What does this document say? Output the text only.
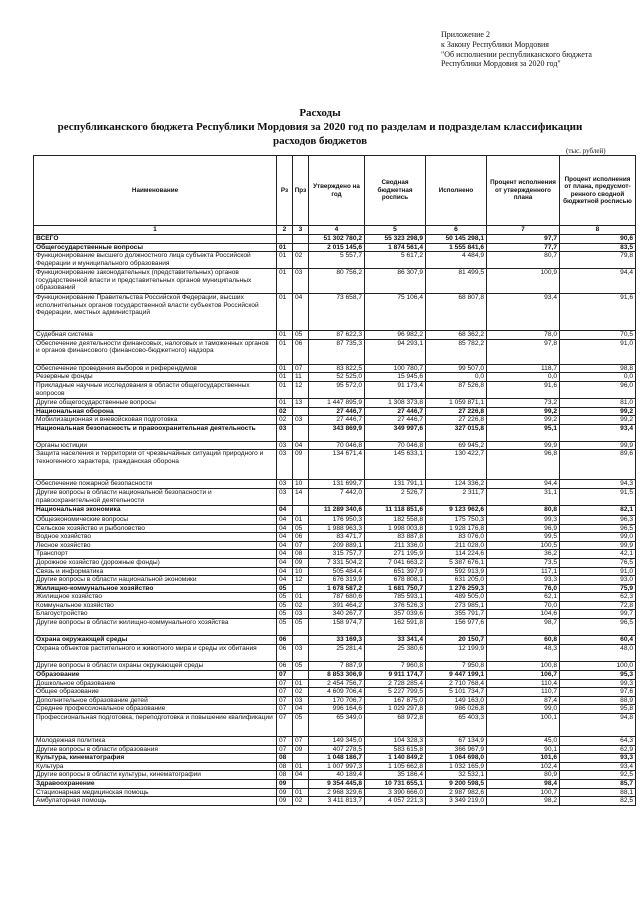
Приложение 2
к Закону Республики Мордовия
"Об исполнении республиканского бюджета
Республики Мордовия за 2020 год"
Расходы
республиканского бюджета Республики Мордовия за 2020 год по разделам и подразделам классификации
расходов бюджетов
(тыс. рублей)
Наименование	Рз	Прз	Утверждено на год	Сводная бюджетная роспись	Исполнено	Процент исполнения от утвержденного плана	Процент исполнения от плана, предусмот-ренного сводной бюджетной росписью
1	2	3	4	5	6	7	8
ВСЕГО			51 302 780,2	55 323 298,9	50 145 298,1	97,7	90,6
Общегосударственные вопросы	01		2 015 145,6	1 874 561,4	1 555 841,6	77,7	83,5
Функционирование высшего должностного лица субъекта Российской Федерации и муниципального образования	01	02	5 557,7	5 617,2	4 484,9	80,7	79,8
Функционирование законодательных (представительных) органов государственной власти и представительных органов муниципальных образований	01	03	80 756,2	86 307,9	81 499,5	100,9	94,4
Функционирование Правительства Российской Федерации, высших исполнительных органов государственной власти субъектов Российской Федерации, местных администраций	01	04	73 658,7	75 106,4	68 807,8	93,4	91,6
Судебная система	01	05	87 622,3	96 982,2	68 362,2	78,0	70,5
Обеспечение деятельности финансовых, налоговых и таможенных органов и органов финансового (финансово-бюджетного) надзора	01	06	87 735,3	94 293,1	85 782,2	97,8	91,0
Обеспечение проведения выборов и референдумов	01	07	83 822,5	100 780,7	99 507,0	118,7	98,8
Резервные фонды	01	11	52 525,0	15 945,6	0,0	0,0	0,0
Прикладные научные исследования в области общегосударственных вопросов	01	12	95 572,0	91 173,4	87 526,8	91,6	96,0
Другие общегосударственные вопросы	01	13	1 447 895,9	1 308 373,8	1 059 871,1	73,2	81,0
Национальная оборона	02		27 446,7	27 446,7	27 226,8	99,2	99,2
Мобилизационная и вневойсковая подготовка	02	03	27 446,7	27 446,7	27 226,8	99,2	99,2
Национальная безопасность и правоохранительная деятельность	03		343 869,9	349 997,6	327 015,8	95,1	93,4
Органы юстиции	03	04	70 046,8	70 046,8	69 945,2	99,9	99,9
Защита населения и территории от чрезвычайных ситуаций природного и техногенного характера, гражданская оборона	03	09	134 671,4	145 633,1	130 422,7	96,8	89,6
Обеспечение пожарной безопасности	03	10	131 699,7	131 791,1	124 336,2	94,4	94,3
Другие вопросы в области национальной безопасности и правоохранительной деятельности	03	14	7 442,0	2 526,7	2 311,7	31,1	91,5
Национальная экономика	04		11 289 340,6	11 118 851,6	9 123 962,6	80,8	82,1
Общеэкономические вопросы	04	01	176 950,3	182 558,8	175 750,3	99,3	96,3
Сельское хозяйство и рыболовство	04	05	1 988 963,3	1 998 003,8	1 928 176,8	96,9	96,5
Водное хозяйство	04	06	83 471,7	83 887,8	83 076,0	99,5	99,0
Лесное хозяйство	04	07	209 889,1	211 336,0	211 028,0	100,5	99,9
Транспорт	04	08	315 757,7	271 195,9	114 224,6	36,2	42,1
Дорожное хозяйство (дорожные фонды)	04	09	7 331 504,2	7 041 663,2	5 387 676,1	73,5	76,5
Связь и информатика	04	10	505 484,4	651 397,9	592 913,9	117,1	91,0
Другие вопросы в области национальной экономики	04	12	676 319,9	678 808,1	631 205,0	93,3	93,0
Жилищно-коммунальное хозяйство	05		1 678 587,2	1 681 750,7	1 276 259,3	76,0	75,9
Жилищное хозяйство	05	01	787 680,6	785 593,1	489 505,0	62,1	62,3
Коммунальное хозяйство	05	02	391 464,2	376 526,3	273 985,1	70,0	72,8
Благоустройство	05	03	340 267,7	357 039,6	355 791,7	104,6	99,7
Другие вопросы в области жилищно-коммунального хозяйства	05	05	158 974,7	162 591,8	156 977,6	98,7	96,5
Охрана окружающей среды	06		33 169,3	33 341,4	20 150,7	60,8	60,4
Охрана объектов растительного и животного мира и среды их обитания	06	03	25 281,4	25 380,6	12 199,9	48,3	48,0
Другие вопросы в области охраны окружающей среды	06	05	7 887,9	7 960,8	7 950,8	100,8	100,0
Образование	07		8 853 306,9	9 911 174,7	9 447 199,1	106,7	95,3
Дошкольное образование	07	01	2 454 756,7	2 728 285,4	2 710 768,4	110,4	99,3
Общее образование	07	02	4 609 706,4	5 227 799,5	5 101 734,7	110,7	97,6
Дополнительное образование детей	07	03	170 706,7	167 875,0	149 163,0	87,4	88,9
Среднее профессиональное образование	07	04	996 164,6	1 029 297,8	986 026,8	99,0	95,8
Профессиональная подготовка, переподготовка и повышение квалификации	07	05	65 349,0	68 972,8	65 403,3	100,1	94,8
Молодежная политика	07	07	149 345,0	104 328,3	67 134,9	45,0	64,3
Другие вопросы в области образования	07	09	407 278,5	583 615,8	366 967,9	90,1	62,9
Культура, кинематография	08		1 048 186,7	1 140 849,2	1 064 698,0	101,6	93,3
Культура	08	01	1 007 997,3	1 105 662,8	1 032 165,9	102,4	93,4
Другие вопросы в области культуры, кинематографии	08	04	40 189,4	35 186,4	32 532,1	80,9	92,5
Здравоохранение	09		9 354 445,8	10 731 655,1	9 200 598,5	98,4	85,7
Стационарная медицинская помощь	09	01	2 968 329,6	3 390 666,0	2 987 982,6	100,7	88,1
Амбулаторная помощь	09	02	3 411 813,7	4 057 221,3	3 349 219,0	98,2	82,5
